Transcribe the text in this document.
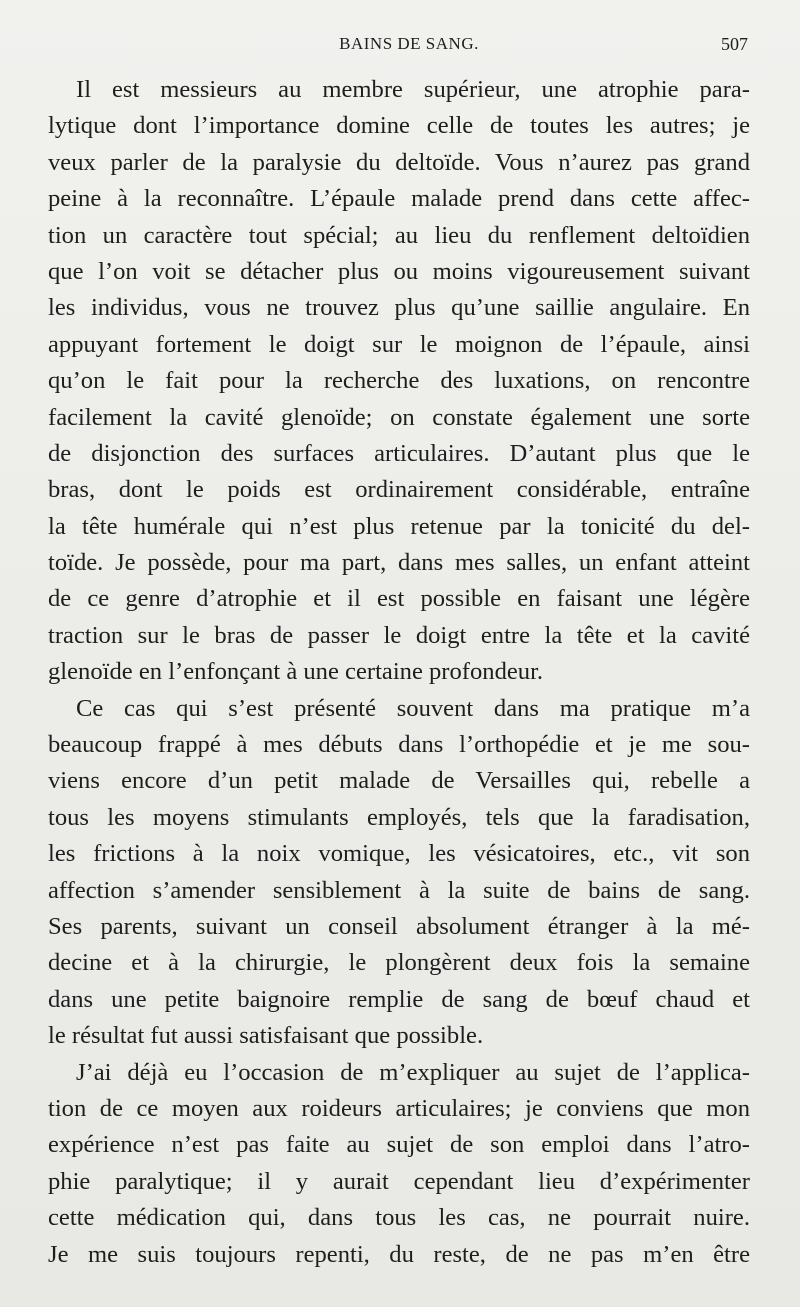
BAINS DE SANG.	507
Il est messieurs au membre supérieur, une atrophie para-
lytique dont l’importance domine celle de toutes les autres; je
veux parler de la paralysie du deltoïde. Vous n’aurez pas grand
peine à la reconnaître. L’épaule malade prend dans cette affec-
tion un caractère tout spécial; au lieu du renflement deltoïdien
que l’on voit se détacher plus ou moins vigoureusement suivant
les individus, vous ne trouvez plus qu’une saillie angulaire. En
appuyant fortement le doigt sur le moignon de l’épaule, ainsi
qu’on le fait pour la recherche des luxations, on rencontre
facilement la cavité glenoïde; on constate également une sorte
de disjonction des surfaces articulaires. D’autant plus que le
bras, dont le poids est ordinairement considérable, entraîne
la tête humérale qui n’est plus retenue par la tonicité du del-
toïde. Je possède, pour ma part, dans mes salles, un enfant atteint
de ce genre d’atrophie et il est possible en faisant une légère
traction sur le bras de passer le doigt entre la tête et la cavité
glenoïde en l’enfonçant à une certaine profondeur.
Ce cas qui s’est présenté souvent dans ma pratique m’a
beaucoup frappé à mes débuts dans l’orthopédie et je me sou-
viens encore d’un petit malade de Versailles qui, rebelle a
tous les moyens stimulants employés, tels que la faradisation,
les frictions à la noix vomique, les vésicatoires, etc., vit son
affection s’amender sensiblement à la suite de bains de sang.
Ses parents, suivant un conseil absolument étranger à la mé-
decine et à la chirurgie, le plongèrent deux fois la semaine
dans une petite baignoire remplie de sang de bœuf chaud et
le résultat fut aussi satisfaisant que possible.
J’ai déjà eu l’occasion de m’expliquer au sujet de l’applica-
tion de ce moyen aux roideurs articulaires; je conviens que mon
expérience n’est pas faite au sujet de son emploi dans l’atro-
phie paralytique; il y aurait cependant lieu d’expérimenter
cette médication qui, dans tous les cas, ne pourrait nuire.
Je me suis toujours repenti, du reste, de ne pas m’en être
